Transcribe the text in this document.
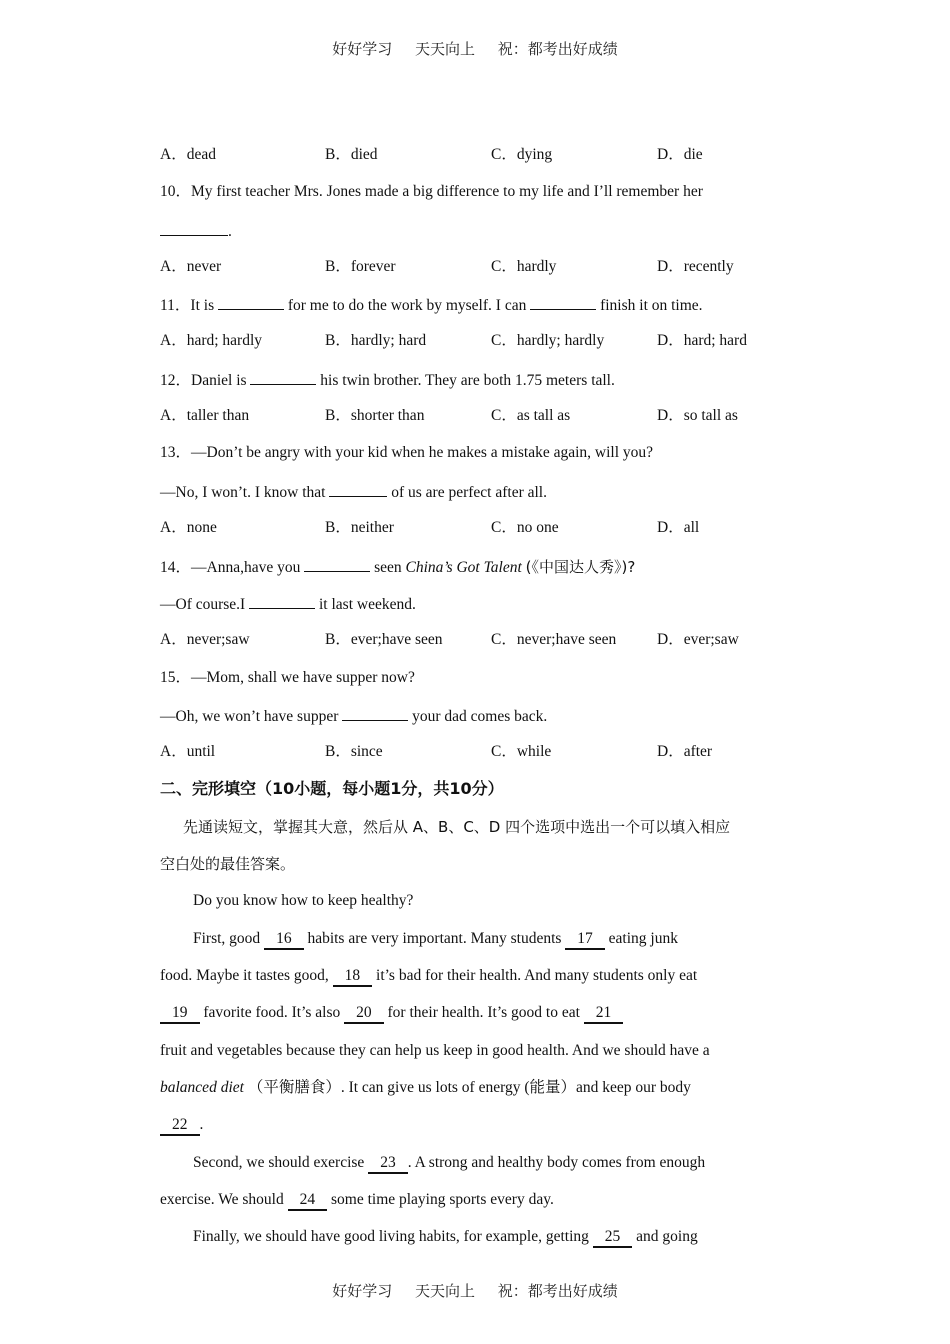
好好学习 天天向上 祝：都考出好成绩
A．dead	B．died	C．dying	D．die
10．My first teacher Mrs. Jones made a big difference to my life and I’ll remember her
.
A．never	B．forever	C．hardly	D．recently
11．It is	for me to do the work by myself. I can	finish it on time.
A．hard; hardly	B．hardly; hard	C．hardly; hardly	D．hard; hard
12．Daniel is	his twin brother. They are both 1.75 meters tall.
A．taller than	B．shorter than	C．as tall as	D．so tall as
13．—Don’t be angry with your kid when he makes a mistake again, will you?
—No, I won’t. I know that	of us are perfect after all.
A．none	B．neither	C．no one	D．all
14．—Anna,have you	seen China’s Got Talent (《中国达人秀》)?
—Of course.I	it last weekend.
A．never;saw	B．ever;have seen	C．never;have seen	D．ever;saw
15．—Mom, shall we have supper now?
—Oh, we won’t have supper	your dad comes back.
A．until	B．since	C．while	D．after
二、完形填空（10小题，每小题1分，共10分）
先通读短文，掌握其大意，然后从 A、B、C、D 四个选项中选出一个可以填入相应
空白处的最佳答案。
Do you know how to keep healthy?
First, good 16 habits are very important. Many students 17 eating junk
food. Maybe it tastes good, 18 it’s bad for their health. And many students only eat
19 favorite food. It’s also 20 for their health. It’s good to eat 21
fruit and vegetables because they can help us keep in good health. And we should have a
balanced diet （平衡膳食）. It can give us lots of energy (能量）and keep our body
22 .
Second, we should exercise 23 . A strong and healthy body comes from enough
exercise. We should 24 some time playing sports every day.
Finally, we should have good living habits, for example, getting 25 and going
好好学习 天天向上 祝：都考出好成绩
